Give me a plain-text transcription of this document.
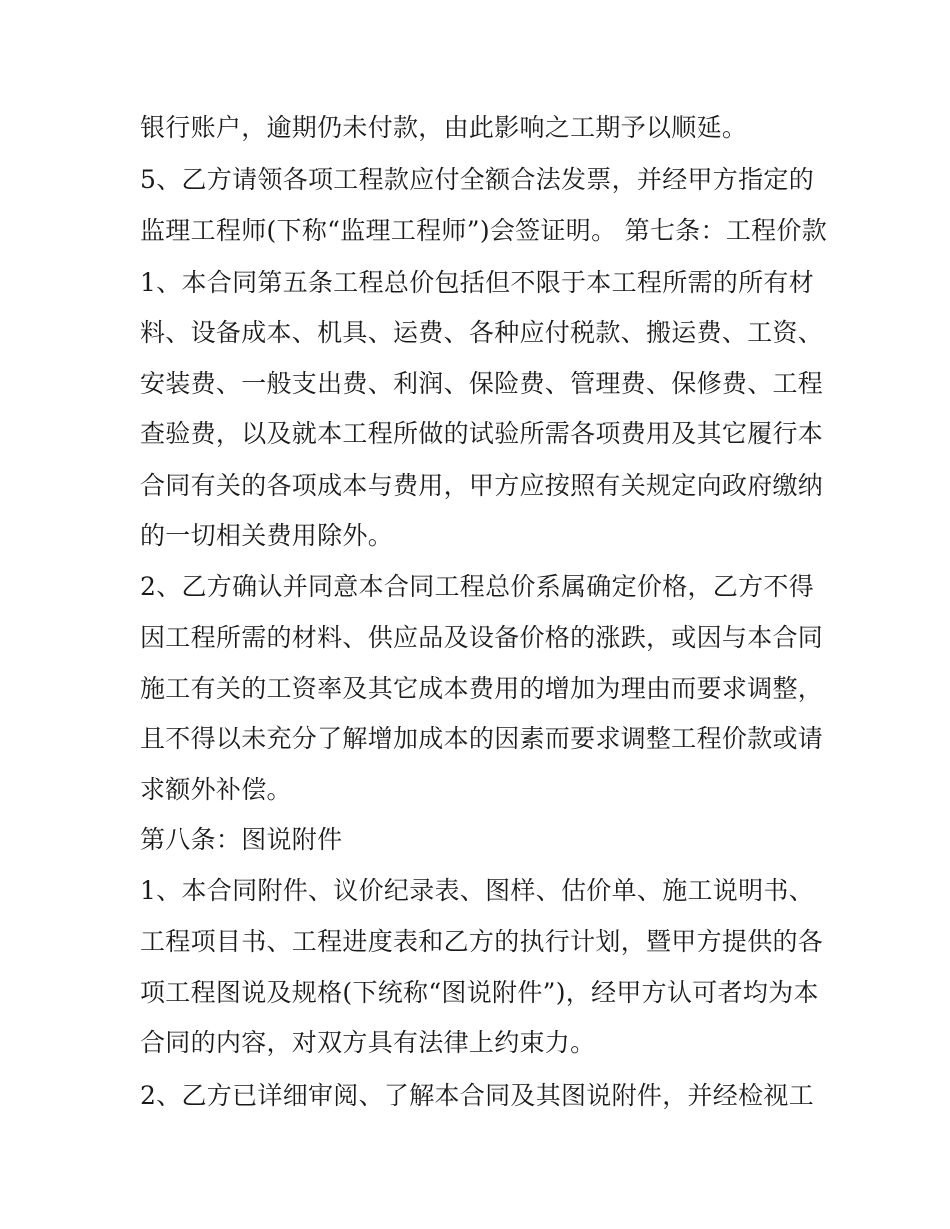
银行账户，逾期仍未付款，由此影响之工期予以顺延。

5、乙方请领各项工程款应付全额合法发票，并经甲方指定的

监理工程师(下称“监理工程师”)会签证明。 第七条：工程价款

1、本合同第五条工程总价包括但不限于本工程所需的所有材

料、设备成本、机具、运费、各种应付税款、搬运费、工资、

安装费、一般支出费、利润、保险费、管理费、保修费、工程

查验费，以及就本工程所做的试验所需各项费用及其它履行本

合同有关的各项成本与费用，甲方应按照有关规定向政府缴纳

的一切相关费用除外。

2、乙方确认并同意本合同工程总价系属确定价格，乙方不得

因工程所需的材料、供应品及设备价格的涨跌，或因与本合同

施工有关的工资率及其它成本费用的增加为理由而要求调整，

且不得以未充分了解增加成本的因素而要求调整工程价款或请

求额外补偿。

第八条：图说附件

1、本合同附件、议价纪录表、图样、估价单、施工说明书、

工程项目书、工程进度表和乙方的执行计划，暨甲方提供的各

项工程图说及规格(下统称“图说附件”)，经甲方认可者均为本

合同的内容，对双方具有法律上约束力。

2、乙方已详细审阅、了解本合同及其图说附件，并经检视工
